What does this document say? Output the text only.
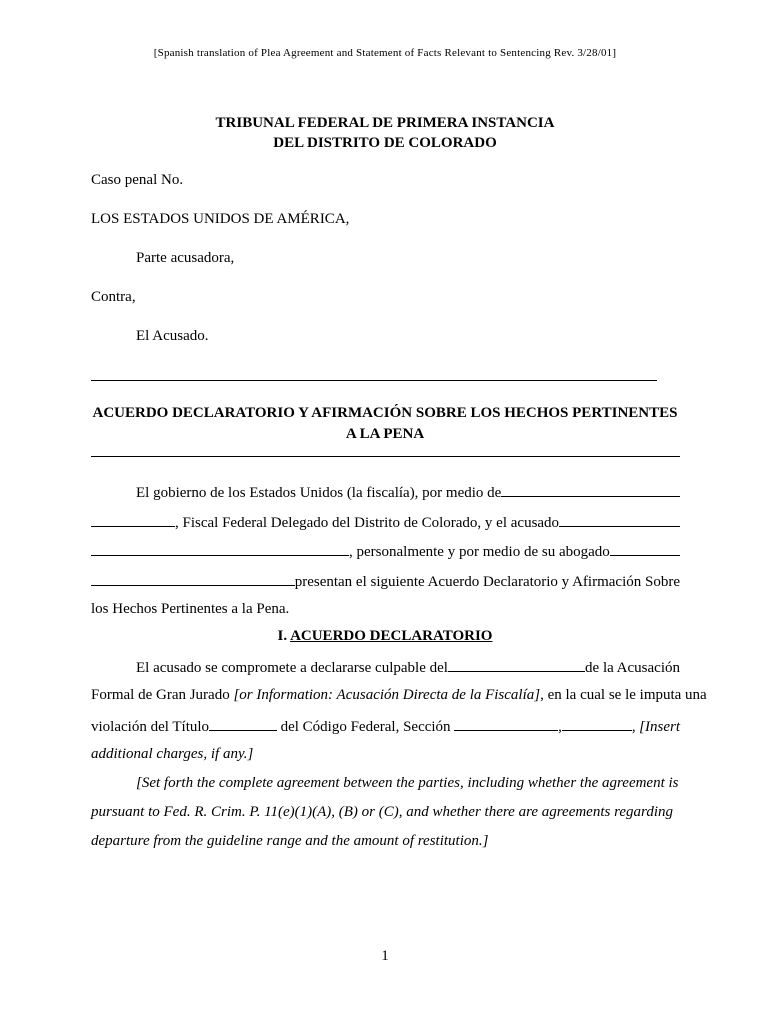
[Spanish translation of Plea Agreement and Statement of Facts Relevant to Sentencing Rev. 3/28/01]
TRIBUNAL FEDERAL DE PRIMERA INSTANCIA
DEL DISTRITO DE COLORADO
Caso penal No.
LOS ESTADOS UNIDOS DE AMÉRICA,
Parte acusadora,
Contra,
El Acusado.
ACUERDO DECLARATORIO Y AFIRMACIÓN SOBRE LOS HECHOS PERTINENTES
A LA PENA
El gobierno de los Estados Unidos (la fiscalía), por medio de
, Fiscal Federal Delegado del Distrito de Colorado, y el acusado
, personalmente y por medio de su abogado
presentan el siguiente Acuerdo Declaratorio y Afirmación Sobre
los Hechos Pertinentes a la Pena.
I. ACUERDO DECLARATORIO
El acusado se compromete a declararse culpable del	de la Acusación
Formal de Gran Jurado [or Information: Acusación Directa de la Fiscalía], en la cual se le imputa una
violación del Título	del Código Federal, Sección	,	, [Insert
additional charges, if any.]
[Set forth the complete agreement between the parties, including whether the agreement is
pursuant to Fed. R. Crim. P. 11(e)(1)(A), (B) or (C), and whether there are agreements regarding
departure from the guideline range and the amount of restitution.]
1
